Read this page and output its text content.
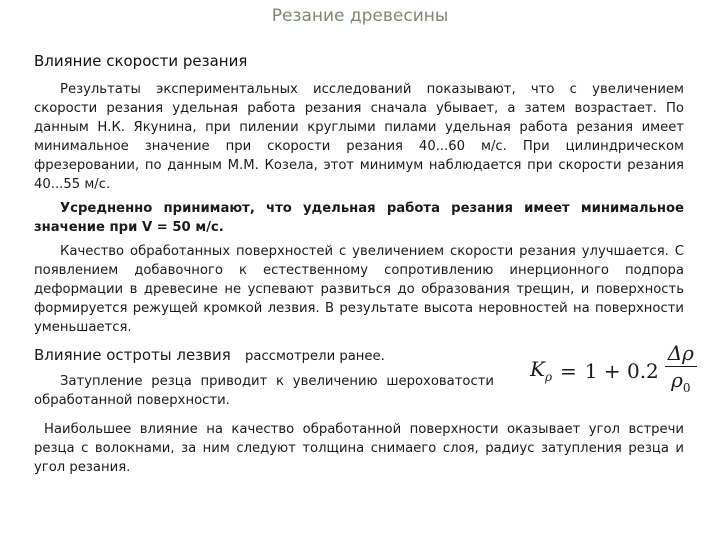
Резание древесины
Влияние скорости резания

Результаты экспериментальных исследований показывают, что с увеличением скорости резания удельная работа резания сначала убывает, а затем возрастает. По данным Н.К. Якунина, при пилении круглыми пилами удельная работа резания имеет минимальное значение при скорости резания 40...60 м/с. При цилиндрическом фрезеровании, по данным М.М. Козела, этот минимум наблюдается при скорости резания 40...55 м/с.

Усредненно принимают, что удельная работа резания имеет минимальное значение при V = 50 м/с.

Качество обработанных поверхностей с увеличением скорости резания улучшается. С появлением добавочного к естественному сопротивлению инерционного подпора деформации в древесине не успевают развиться до образования трещин, и поверхность формируется режущей кромкой лезвия. В результате высота неровностей на поверхности уменьшается.

Влияние остроты лезвия рассмотрели ранее.

Затупление резца приводит к увеличению шероховатости обработанной поверхности.

$K_\rho = 1 + 0.2 \frac{\Delta\rho}{\rho_0}$

Наибольшее влияние на качество обработанной поверхности оказывает угол встречи резца с волокнами, за ним следуют толщина снимаего слоя, радиус затупления резца и угол резания.
